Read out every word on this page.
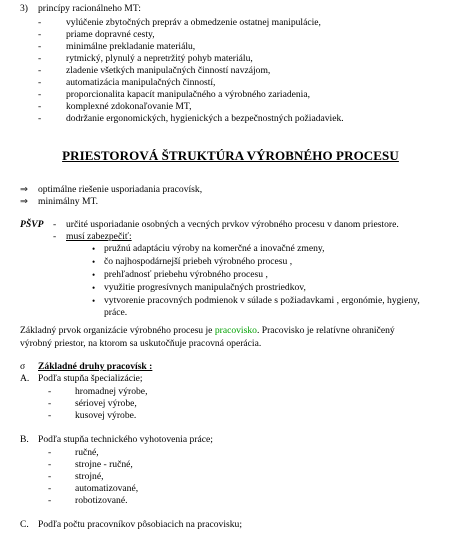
3) princípy racionálneho MT:
-	vylúčenie zbytočných prepráv a obmedzenie ostatnej manipulácie,
-	priame dopravné cesty,
-	minimálne prekladanie materiálu,
-	rytmický, plynulý a nepretržitý pohyb materiálu,
-	zladenie všetkých manipulačných činností navzájom,
-	automatizácia manipulačných činností,
-	proporcionalita kapacít manipulačného a výrobného zariadenia,
-	komplexné zdokonaľovanie MT,
-	dodržanie ergonomických, hygienických a bezpečnostných požiadaviek.
PRIESTOROVÁ ŠTRUKTÚRA VÝROBNÉHO PROCESU
⇒ optimálne riešenie usporiadania pracovísk,
⇒ minimálny MT.
PŠVP - určité usporiadanie osobných a vecných prvkov výrobného procesu v danom priestore.
- musí zabezpečiť:
• pružnú adaptáciu výroby na komerčné a inovačné zmeny,
• čo najhospodárnejší priebeh výrobného procesu ,
• prehľadnosť priebehu výrobného procesu ,
• využitie progresívnych manipulačných prostriedkov,
• vytvorenie pracovných podmienok v súlade s požiadavkami , ergonómie, hygieny,
práce.
Základný prvok organizácie výrobného procesu je pracovisko. Pracovisko je relatívne ohraničený
výrobný priestor, na ktorom sa uskutočňuje pracovná operácia.
σ Základné druhy pracovísk :
A. Podľa stupňa špecializácie;
- hromadnej výrobe,
- sériovej výrobe,
- kusovej výrobe.
B. Podľa stupňa technického vyhotovenia práce;
- ručné,
- strojne - ručné,
- strojné,
- automatizované,
- robotizované.
C. Podľa počtu pracovníkov pôsobiacich na pracovisku;
